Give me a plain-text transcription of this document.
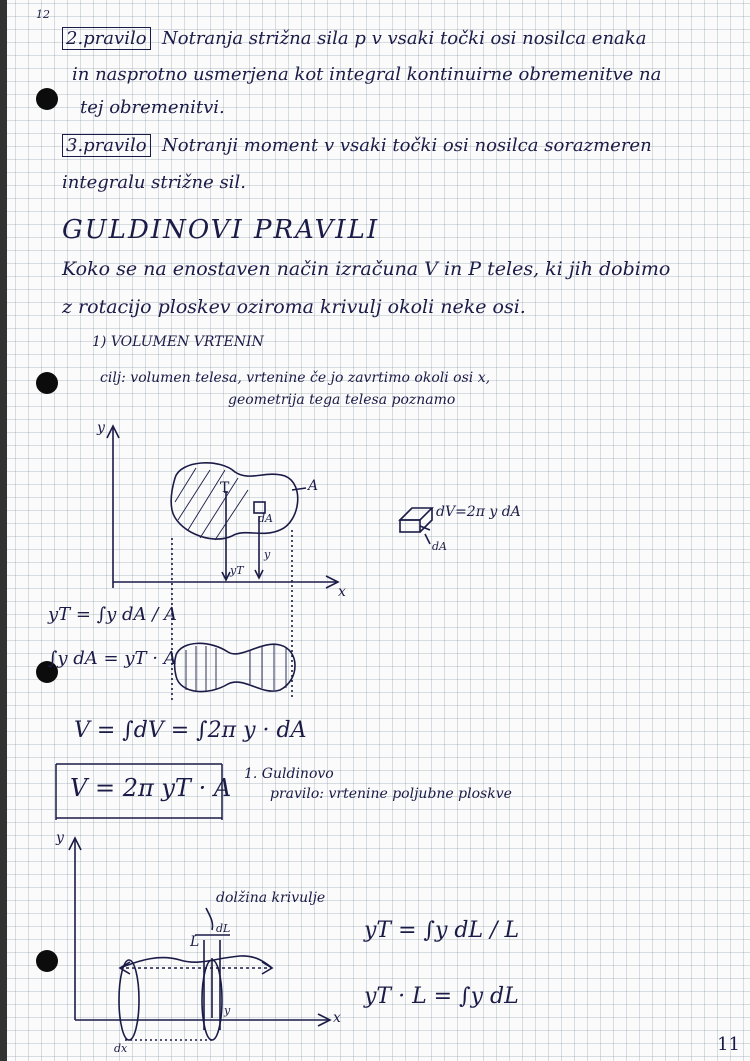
12
2.pravilo Notranja strižna sila p v vsaki točki osi nosilca enaka
in nasprotno usmerjena kot integral kontinuirne obremenitve na
tej obremenitvi.
3.pravilo Notranji moment v vsaki točki osi nosilca sorazmeren
integralu strižne sil.
GULDINOVI PRAVILI
Koko se na enostaven način izračuna V in P teles, ki jih dobimo
z rotacijo ploskev oziroma krivulj okoli neke osi.
1) VOLUMEN VRTENIN
cilj: volumen telesa, vrtenine če jo zavrtimo okoli osi x,
geometrija tega telesa poznamo
y
x
A
T
dA
y
yT
dV=2π y dA
dA
yT = ∫y dA / A
∫y dA = yT · A
V = ∫dV = ∫2π y · dA
V = 2π yT · A 1. Guldinovo
pravilo: vrtenine poljubne ploskve
y
x
dolžina krivulje
L
dL
y
dx
yT = ∫y dL / L
yT · L = ∫y dL
11
